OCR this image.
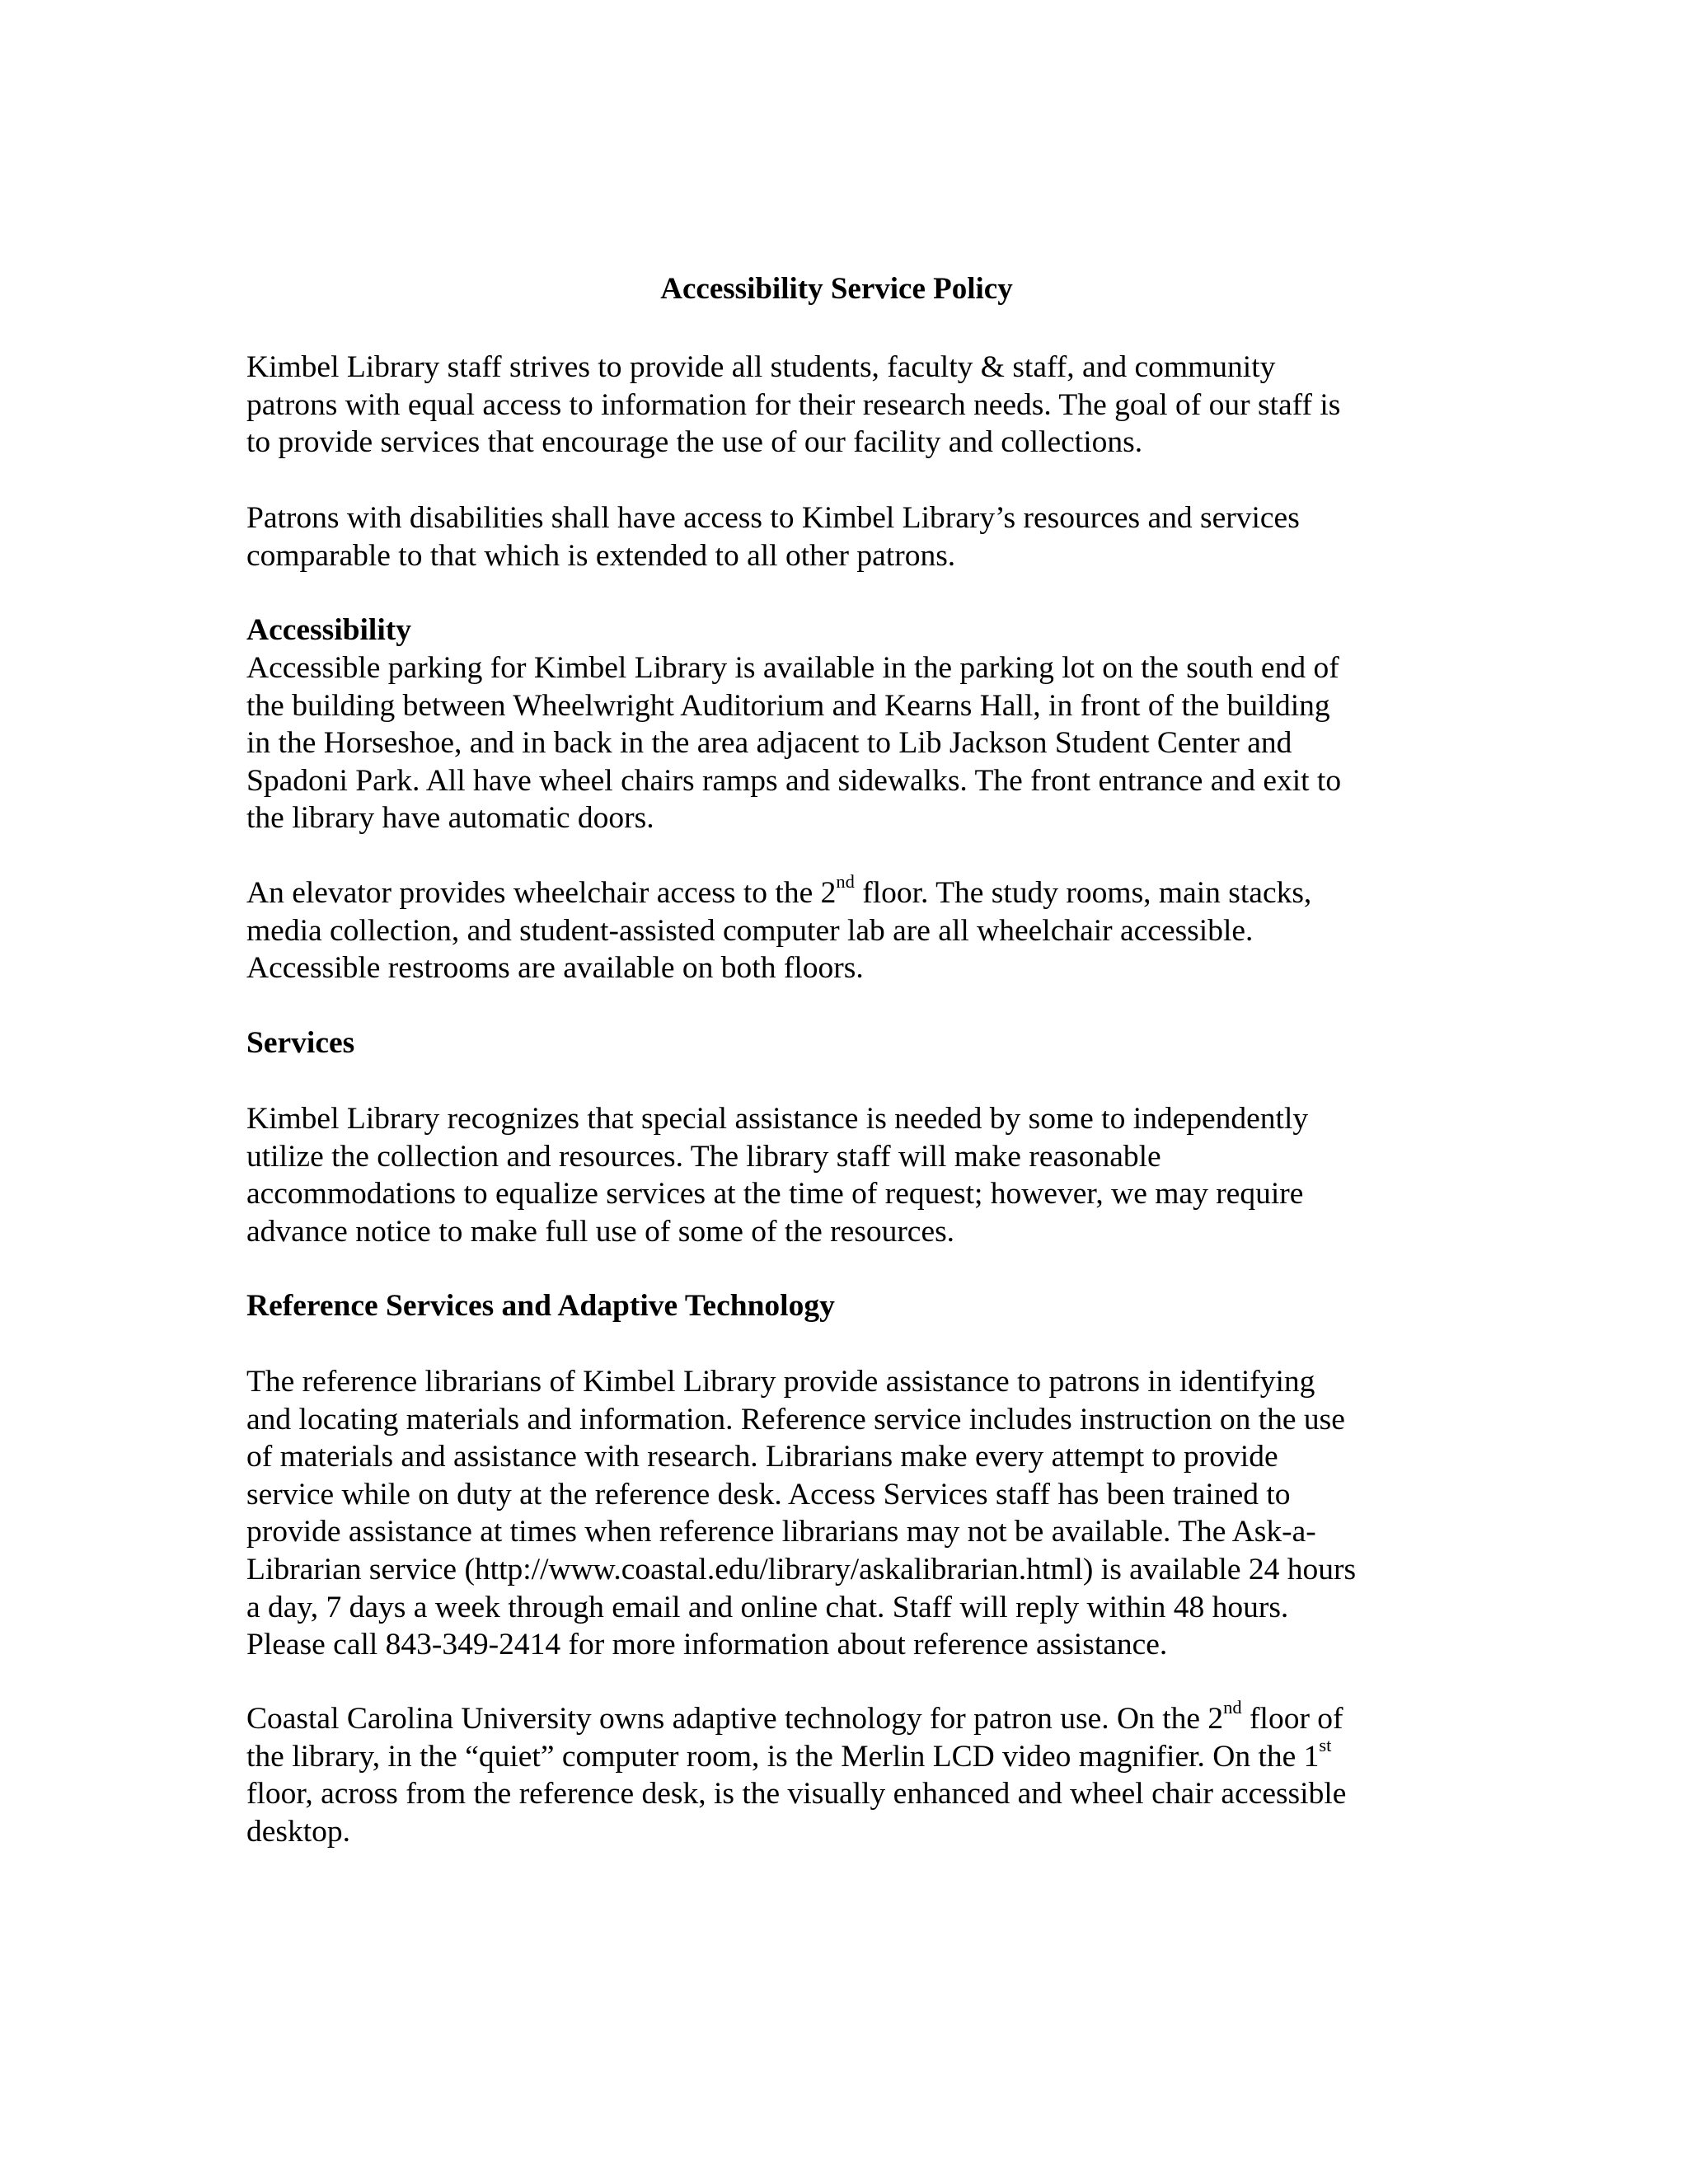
Accessibility Service Policy

Kimbel Library staff strives to provide all students, faculty & staff, and community
patrons with equal access to information for their research needs. The goal of our staff is
to provide services that encourage the use of our facility and collections.

Patrons with disabilities shall have access to Kimbel Library’s resources and services
comparable to that which is extended to all other patrons.

Accessibility

Accessible parking for Kimbel Library is available in the parking lot on the south end of
the building between Wheelwright Auditorium and Kearns Hall, in front of the building
in the Horseshoe, and in back in the area adjacent to Lib Jackson Student Center and
Spadoni Park. All have wheel chairs ramps and sidewalks. The front entrance and exit to
the library have automatic doors.

An elevator provides wheelchair access to the 2nd floor. The study rooms, main stacks,
media collection, and student-assisted computer lab are all wheelchair accessible.
Accessible restrooms are available on both floors.

Services

Kimbel Library recognizes that special assistance is needed by some to independently
utilize the collection and resources. The library staff will make reasonable
accommodations to equalize services at the time of request; however, we may require
advance notice to make full use of some of the resources.

Reference Services and Adaptive Technology

The reference librarians of Kimbel Library provide assistance to patrons in identifying
and locating materials and information. Reference service includes instruction on the use
of materials and assistance with research. Librarians make every attempt to provide
service while on duty at the reference desk. Access Services staff has been trained to
provide assistance at times when reference librarians may not be available. The Ask-a-
Librarian service (http://www.coastal.edu/library/askalibrarian.html) is available 24 hours
a day, 7 days a week through email and online chat. Staff will reply within 48 hours.
Please call 843-349-2414 for more information about reference assistance.

Coastal Carolina University owns adaptive technology for patron use. On the 2nd floor of
the library, in the “quiet” computer room, is the Merlin LCD video magnifier. On the 1st
floor, across from the reference desk, is the visually enhanced and wheel chair accessible
desktop.
